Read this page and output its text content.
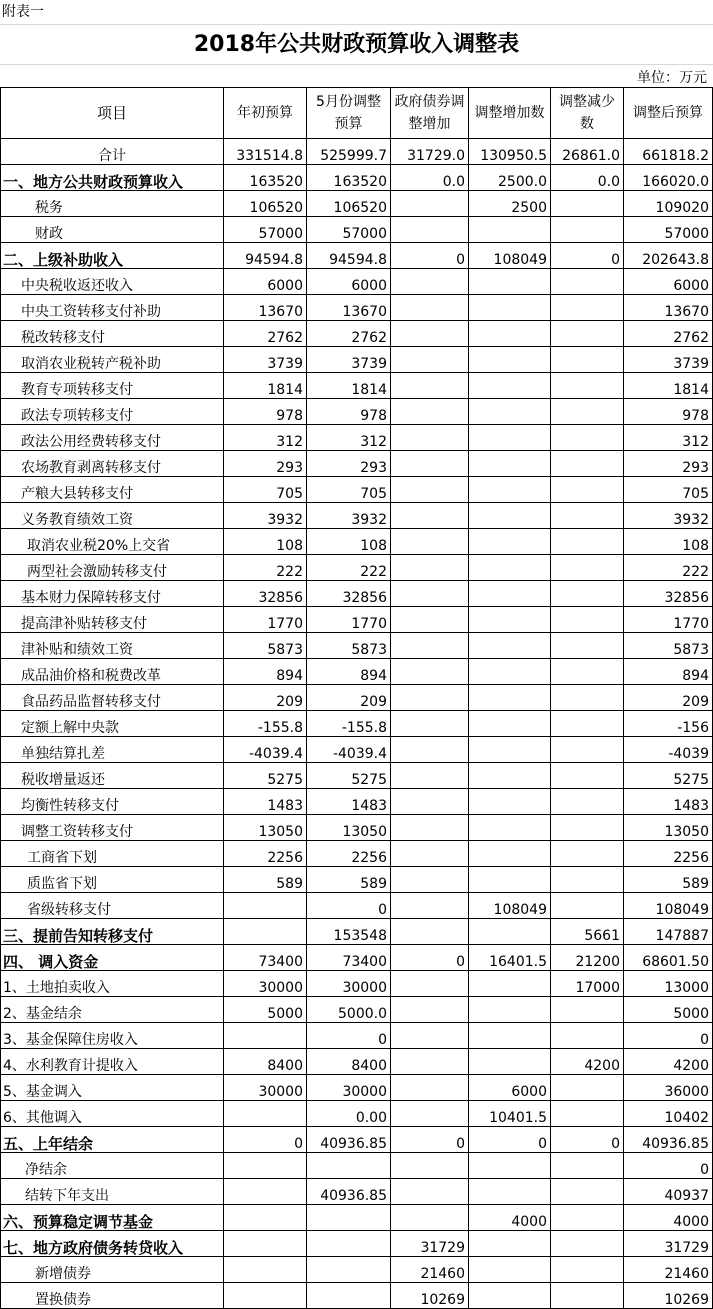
附表一
2018年公共财政预算收入调整表
单位：万元
项目	年初预算	5月份调整预算	政府债券调整增加	调整增加数	调整减少数	调整后预算
合计	331514.8	525999.7	31729.0	130950.5	26861.0	661818.2
一、地方公共财政预算收入	163520	163520	0.0	2500.0	0.0	166020.0
税务	106520	106520		2500		109020
财政	57000	57000				57000
二、上级补助收入	94594.8	94594.8	0	108049	0	202643.8
中央税收返还收入	6000	6000				6000
中央工资转移支付补助	13670	13670				13670
税改转移支付	2762	2762				2762
取消农业税转产税补助	3739	3739				3739
教育专项转移支付	1814	1814				1814
政法专项转移支付	978	978				978
政法公用经费转移支付	312	312				312
农场教育剥离转移支付	293	293				293
产粮大县转移支付	705	705				705
义务教育绩效工资	3932	3932				3932
取消农业税20%上交省	108	108				108
两型社会激励转移支付	222	222				222
基本财力保障转移支付	32856	32856				32856
提高津补贴转移支付	1770	1770				1770
津补贴和绩效工资	5873	5873				5873
成品油价格和税费改革	894	894				894
食品药品监督转移支付	209	209				209
定额上解中央款	-155.8	-155.8				-156
单独结算扎差	-4039.4	-4039.4				-4039
税收增量返还	5275	5275				5275
均衡性转移支付	1483	1483				1483
调整工资转移支付	13050	13050				13050
工商省下划	2256	2256				2256
质监省下划	589	589				589
省级转移支付		0		108049		108049
三、提前告知转移支付		153548			5661	147887
四、 调入资金	73400	73400	0	16401.5	21200	68601.50
1、土地拍卖收入	30000	30000			17000	13000
2、基金结余	5000	5000.0				5000
3、基金保障住房收入		0				0
4、水利教育计提收入	8400	8400			4200	4200
5、基金调入	30000	30000		6000		36000
6、其他调入		0.00		10401.5		10402
五、上年结余	0	40936.85	0	0	0	40936.85
净结余						0
结转下年支出		40936.85				40937
六、预算稳定调节基金				4000		4000
七、地方政府债务转贷收入			31729			31729
新增债券			21460			21460
置换债券			10269			10269
